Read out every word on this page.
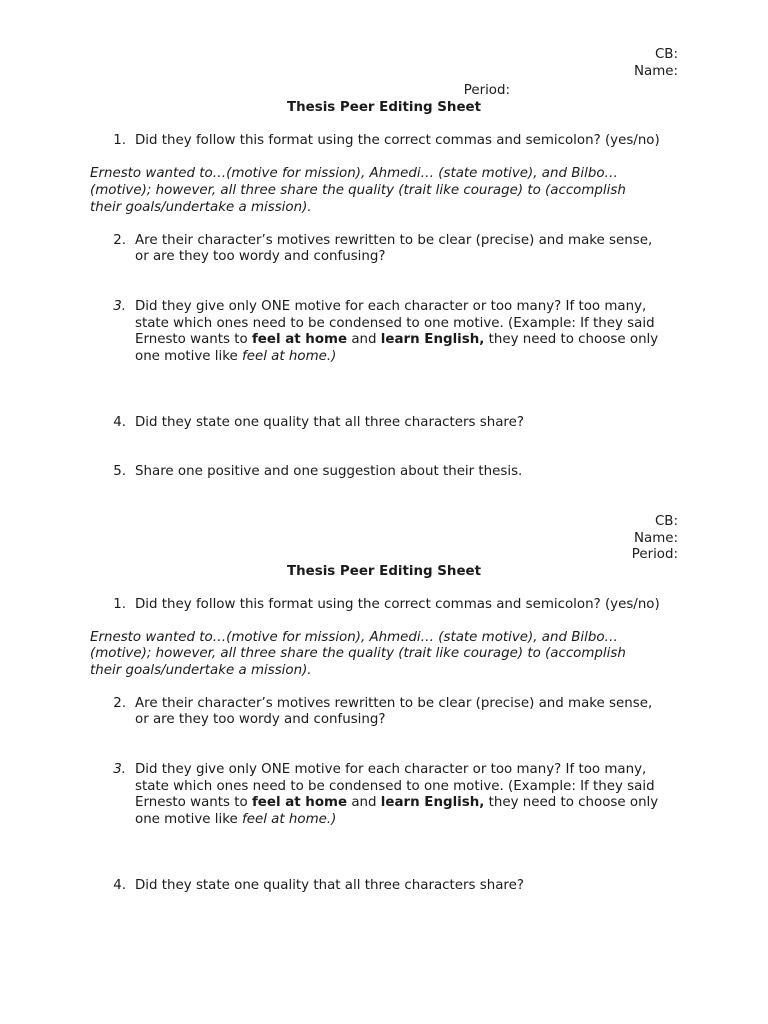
CB:
Name:
Period:
Thesis Peer Editing Sheet
1. Did they follow this format using the correct commas and semicolon? (yes/no)
Ernesto wanted to…(motive for mission), Ahmedi… (state motive), and Bilbo…
(motive); however, all three share the quality (trait like courage) to (accomplish
their goals/undertake a mission).
2. Are their character’s motives rewritten to be clear (precise) and make sense,
or are they too wordy and confusing?
3. Did they give only ONE motive for each character or too many? If too many,
state which ones need to be condensed to one motive. (Example: If they said
Ernesto wants to feel at home and learn English, they need to choose only
one motive like feel at home.)
4. Did they state one quality that all three characters share?
5. Share one positive and one suggestion about their thesis.
CB:
Name:
Period:
Thesis Peer Editing Sheet
1. Did they follow this format using the correct commas and semicolon? (yes/no)
Ernesto wanted to…(motive for mission), Ahmedi… (state motive), and Bilbo…
(motive); however, all three share the quality (trait like courage) to (accomplish
their goals/undertake a mission).
2. Are their character’s motives rewritten to be clear (precise) and make sense,
or are they too wordy and confusing?
3. Did they give only ONE motive for each character or too many? If too many,
state which ones need to be condensed to one motive. (Example: If they said
Ernesto wants to feel at home and learn English, they need to choose only
one motive like feel at home.)
4. Did they state one quality that all three characters share?
